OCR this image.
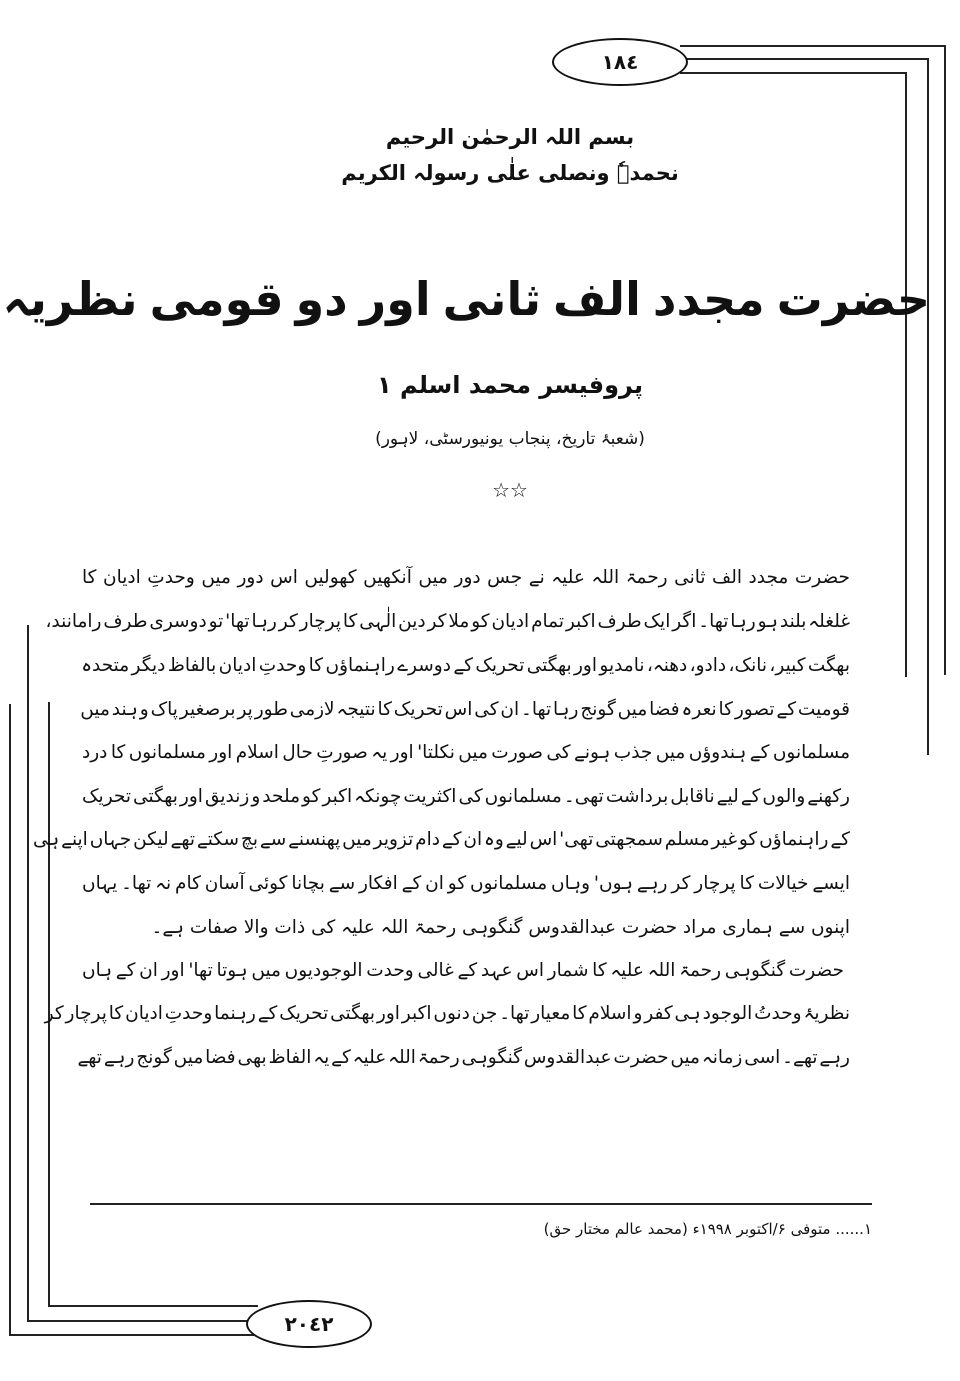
١٨٤
٢٠٤٢
بسم اللہ الرحمٰن الرحیم
نحمدہٗ ونصلی علٰی رسولہ الکریم
حضرت مجدد الف ثانی اور دو قومی نظریہ
پروفیسر محمد اسلم ۱
(شعبۂ تاریخ، پنجاب یونیورسٹی، لاہور)
☆☆
حضرت مجدد الف ثانی رحمۃ اللہ علیہ نے جس دور میں آنکھیں کھولیں اس دور میں وحدتِ ادیان کا
غلغلہ بلند ہو رہا تھا۔ اگر ایک طرف اکبر تمام ادیان کو ملا کر دین الٰہی کا پرچار کر رہا تھا' تو دوسری طرف رامانند،
بھگت کبیر، نانک، دادو، دھنہ، نامدیو اور بھگتی تحریک کے دوسرے راہنماؤں کا وحدتِ ادیان بالفاظ دیگر متحدہ
قومیت کے تصور کا نعرہ فضا میں گونج رہا تھا۔ ان کی اس تحریک کا نتیجہ لازمی طور پر برصغیر پاک و ہند میں
مسلمانوں کے ہندوؤں میں جذب ہونے کی صورت میں نکلتا' اور یہ صورتِ حال اسلام اور مسلمانوں کا درد
رکھنے والوں کے لیے ناقابل برداشت تھی۔ مسلمانوں کی اکثریت چونکہ اکبر کو ملحد و زندیق اور بھگتی تحریک
کے راہنماؤں کو غیر مسلم سمجھتی تھی' اس لیے وہ ان کے دام تزویر میں پھنسنے سے بچ سکتے تھے لیکن جہاں اپنے ہی
ایسے خیالات کا پرچار کر رہے ہوں' وہاں مسلمانوں کو ان کے افکار سے بچانا کوئی آسان کام نہ تھا۔ یہاں
اپنوں سے ہماری مراد حضرت عبدالقدوس گنگوہی رحمۃ اللہ علیہ کی ذات والا صفات ہے۔
حضرت گنگوہی رحمۃ اللہ علیہ کا شمار اس عہد کے غالی وحدت الوجودیوں میں ہوتا تھا' اور ان کے ہاں
نظریۂ وحدتُ الوجود ہی کفر و اسلام کا معیار تھا۔ جن دنوں اکبر اور بھگتی تحریک کے رہنما وحدتِ ادیان کا پرچار کر
رہے تھے۔ اسی زمانہ میں حضرت عبدالقدوس گنگوہی رحمۃ اللہ علیہ کے یہ الفاظ بھی فضا میں گونج رہے تھے
۱...... متوفی ۶/اکتوبر ۱۹۹۸ء (محمد عالم مختار حق)
